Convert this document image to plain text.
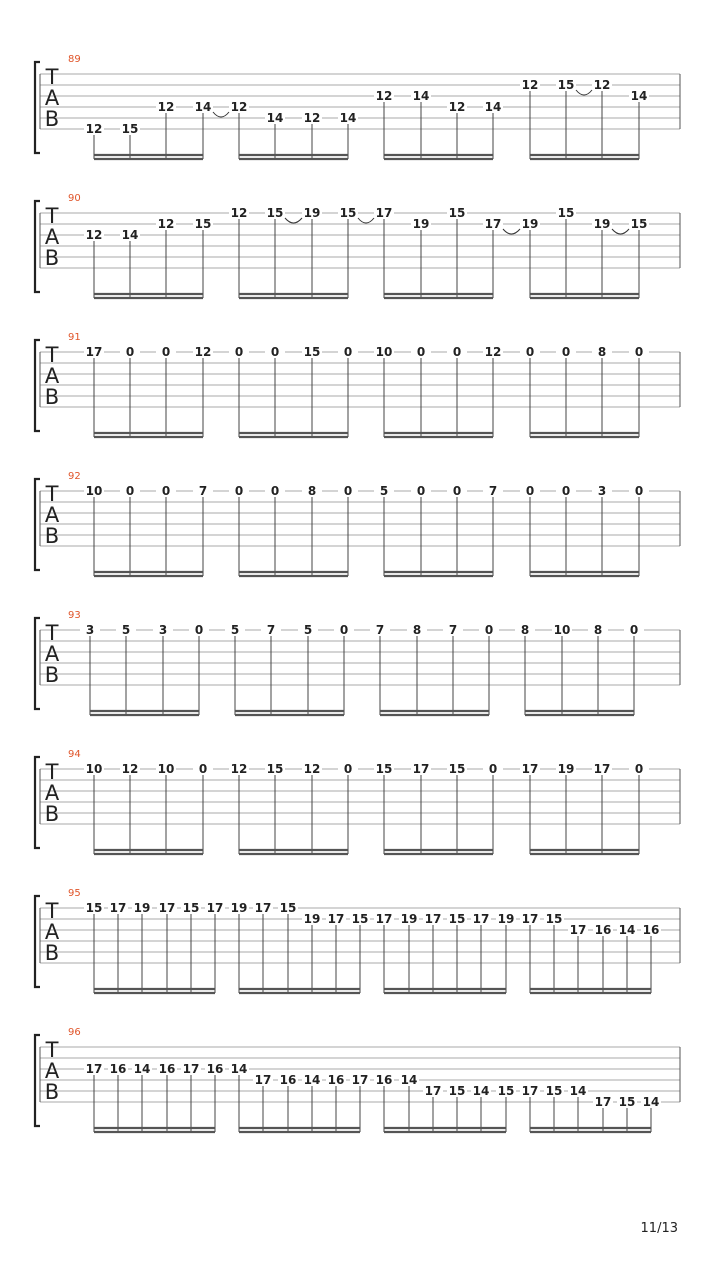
T
A
B
89
12 15
12 14 12
14 12 14
12 14
12 14
12 15 12
14
T
A
B
90
12 14
12 15
12 15 19 15 17
19
15
17 19
15
19 15
T
A
B
91
17 0 0 12 0 0 15 0 10 0 0 12 0 0 8 0
T
A
B
92
10 0 0 7 0 0 8 0 5 0 0 7 0 0 3 0
T
A
B
93
3 5 3 0 5 7 5 0 7 8 7 0 8 10 8 0
T
A
B
94
10 12 10 0 12 15 12 0 15 17 15 0 17 19 17 0
T
A
B
95
15 17 19 17 15 17 19 17 15
19 17 15 17 19 17 15 17 19 17 15
17 16 14 16
T
A
B
96
17 16 14 16 17 16 14
17 16 14 16 17 16 14
17 15 14 15 17 15 14
17 15 14
11/13
